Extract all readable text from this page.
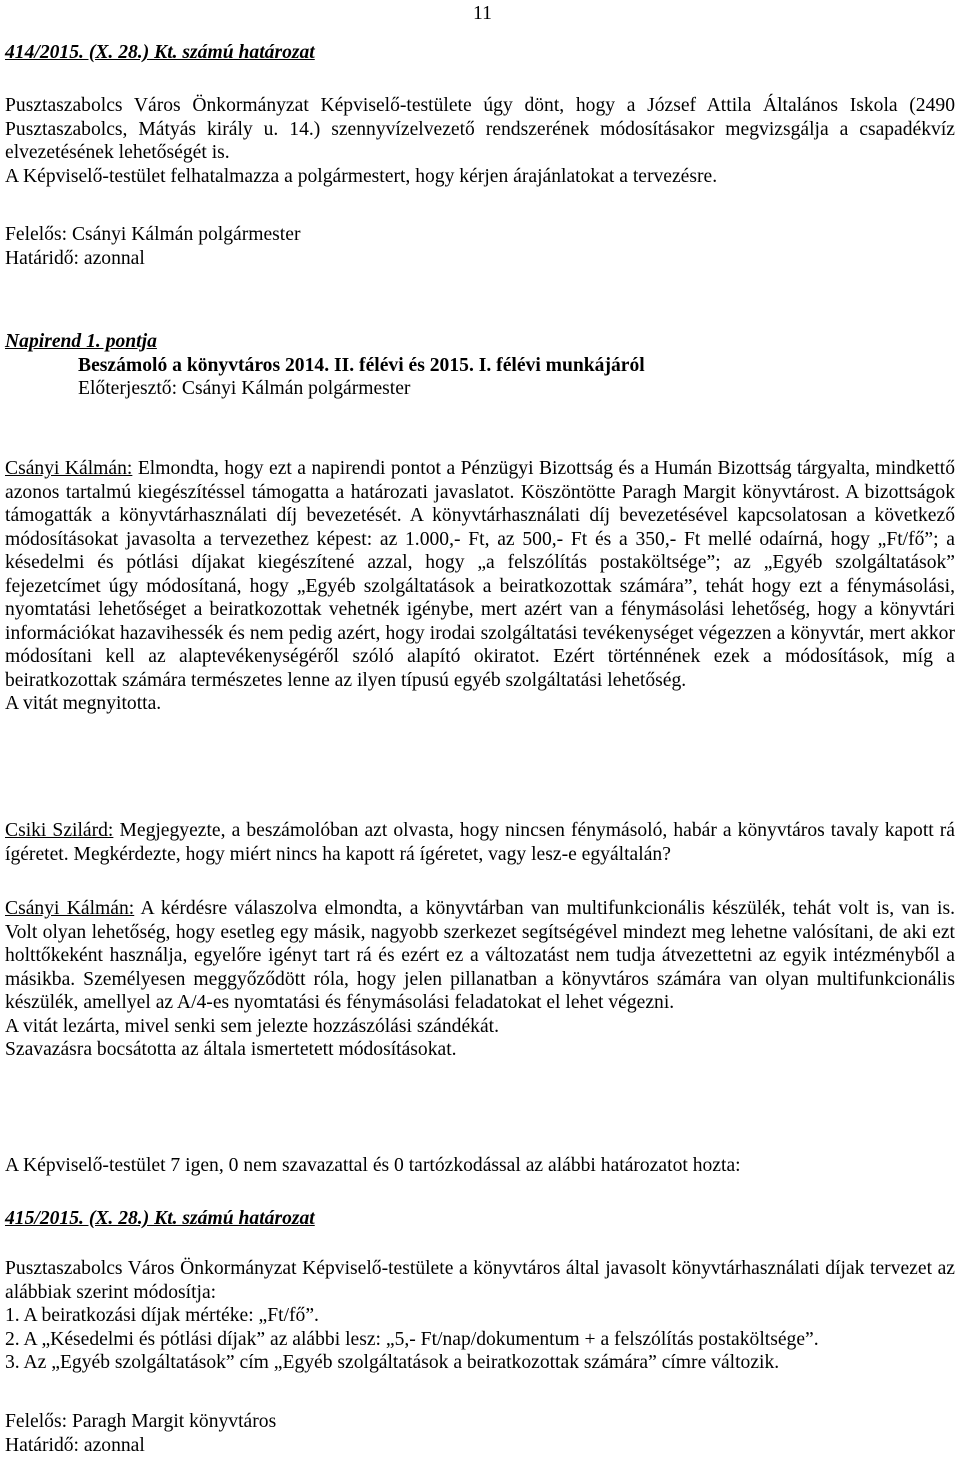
11
414/2015. (X. 28.) Kt. számú határozat

Pusztaszabolcs Város Önkormányzat Képviselő-testülete úgy dönt, hogy a József Attila Általános Iskola (2490 Pusztaszabolcs, Mátyás király u. 14.) szennyvízelvezető rendszerének módosításakor megvizsgálja a csapadékvíz elvezetésének lehetőségét is.

A Képviselő-testület felhatalmazza a polgármestert, hogy kérjen árajánlatokat a tervezésre.

Felelős: Csányi Kálmán polgármester

Határidő: azonnal

Napirend 1. pontja

Beszámoló a könyvtáros 2014. II. félévi és 2015. I. félévi munkájáról

Előterjesztő: Csányi Kálmán polgármester

Csányi Kálmán: Elmondta, hogy ezt a napirendi pontot a Pénzügyi Bizottság és a Humán Bizottság tárgyalta, mindkettő azonos tartalmú kiegészítéssel támogatta a határozati javaslatot. Köszöntötte Paragh Margit könyvtárost. A bizottságok támogatták a könyvtárhasználati díj bevezetését. A könyvtárhasználati díj bevezetésével kapcsolatosan a következő módosításokat javasolta a tervezethez képest: az 1.000,- Ft, az 500,- Ft és a 350,- Ft mellé odaírná, hogy „Ft/fő”; a késedelmi és pótlási díjakat kiegészítené azzal, hogy „a felszólítás postaköltsége”; az „Egyéb szolgáltatások” fejezetcímet úgy módosítaná, hogy „Egyéb szolgáltatások a beiratkozottak számára”, tehát hogy ezt a fénymásolási, nyomtatási lehetőséget a beiratkozottak vehetnék igénybe, mert azért van a fénymásolási lehetőség, hogy a könyvtári információkat hazavihessék és nem pedig azért, hogy irodai szolgáltatási tevékenységet végezzen a könyvtár, mert akkor módosítani kell az alaptevékenységéről szóló alapító okiratot. Ezért történnének ezek a módosítások, míg a beiratkozottak számára természetes lenne az ilyen típusú egyéb szolgáltatási lehetőség.

A vitát megnyitotta.

Csiki Szilárd: Megjegyezte, a beszámolóban azt olvasta, hogy nincsen fénymásoló, habár a könyvtáros tavaly kapott rá ígéretet. Megkérdezte, hogy miért nincs ha kapott rá ígéretet, vagy lesz-e egyáltalán?

Csányi Kálmán: A kérdésre válaszolva elmondta, a könyvtárban van multifunkcionális készülék, tehát volt is, van is. Volt olyan lehetőség, hogy esetleg egy másik, nagyobb szerkezet segítségével mindezt meg lehetne valósítani, de aki ezt holttőkeként használja, egyelőre igényt tart rá és ezért ez a változatást nem tudja átvezettetni az egyik intézményből a másikba. Személyesen meggyőződött róla, hogy jelen pillanatban a könyvtáros számára van olyan multifunkcionális készülék, amellyel az A/4-es nyomtatási és fénymásolási feladatokat el lehet végezni.

A vitát lezárta, mivel senki sem jelezte hozzászólási szándékát.

Szavazásra bocsátotta az általa ismertetett módosításokat.

A Képviselő-testület 7 igen, 0 nem szavazattal és 0 tartózkodással az alábbi határozatot hozta:
415/2015. (X. 28.) Kt. számú határozat

Pusztaszabolcs Város Önkormányzat Képviselő-testülete a könyvtáros által javasolt könyvtárhasználati díjak tervezet az alábbiak szerint módosítja:

1. A beiratkozási díjak mértéke: „Ft/fő”.

2. A „Késedelmi és pótlási díjak” az alábbi lesz: „5,- Ft/nap/dokumentum + a felszólítás postaköltsége”.

3. Az „Egyéb szolgáltatások” cím „Egyéb szolgáltatások a beiratkozottak számára” címre változik.

Felelős: Paragh Margit könyvtáros

Határidő: azonnal
